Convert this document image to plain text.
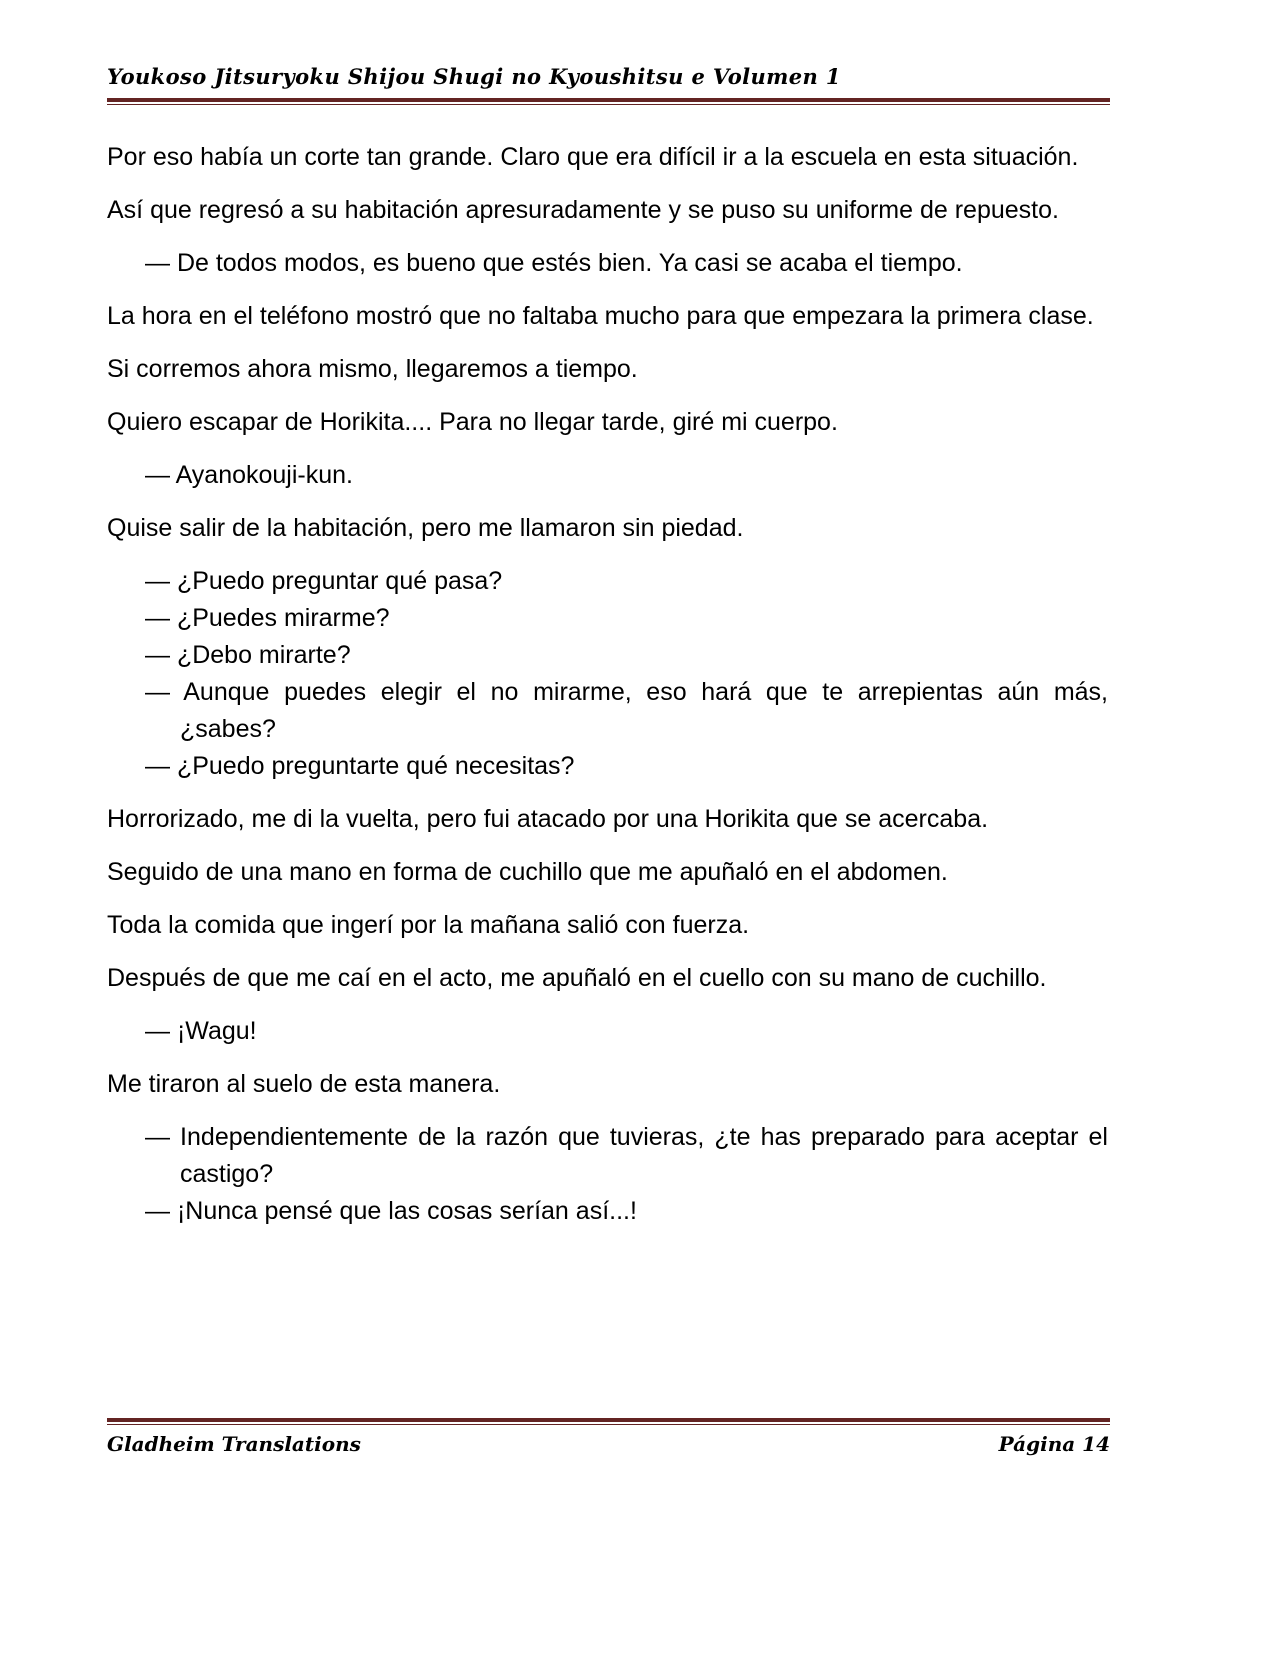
Youkoso Jitsuryoku Shijou Shugi no Kyoushitsu e Volumen 1

Por eso había un corte tan grande. Claro que era difícil ir a la escuela en esta situación.

Así que regresó a su habitación apresuradamente y se puso su uniforme de repuesto.

— De todos modos, es bueno que estés bien. Ya casi se acaba el tiempo.

La hora en el teléfono mostró que no faltaba mucho para que empezara la primera clase.

Si corremos ahora mismo, llegaremos a tiempo.

Quiero escapar de Horikita.... Para no llegar tarde, giré mi cuerpo.

— Ayanokouji-kun.

Quise salir de la habitación, pero me llamaron sin piedad.

— ¿Puedo preguntar qué pasa?

— ¿Puedes mirarme?

— ¿Debo mirarte?

— Aunque puedes elegir el no mirarme, eso hará que te arrepientas aún más, ¿sabes?

— ¿Puedo preguntarte qué necesitas?

Horrorizado, me di la vuelta, pero fui atacado por una Horikita que se acercaba.

Seguido de una mano en forma de cuchillo que me apuñaló en el abdomen.

Toda la comida que ingerí por la mañana salió con fuerza.

Después de que me caí en el acto, me apuñaló en el cuello con su mano de cuchillo.

— ¡Wagu!

Me tiraron al suelo de esta manera.

— Independientemente de la razón que tuvieras, ¿te has preparado para aceptar el castigo?

— ¡Nunca pensé que las cosas serían así...!

Gladheim Translations	Página 14
